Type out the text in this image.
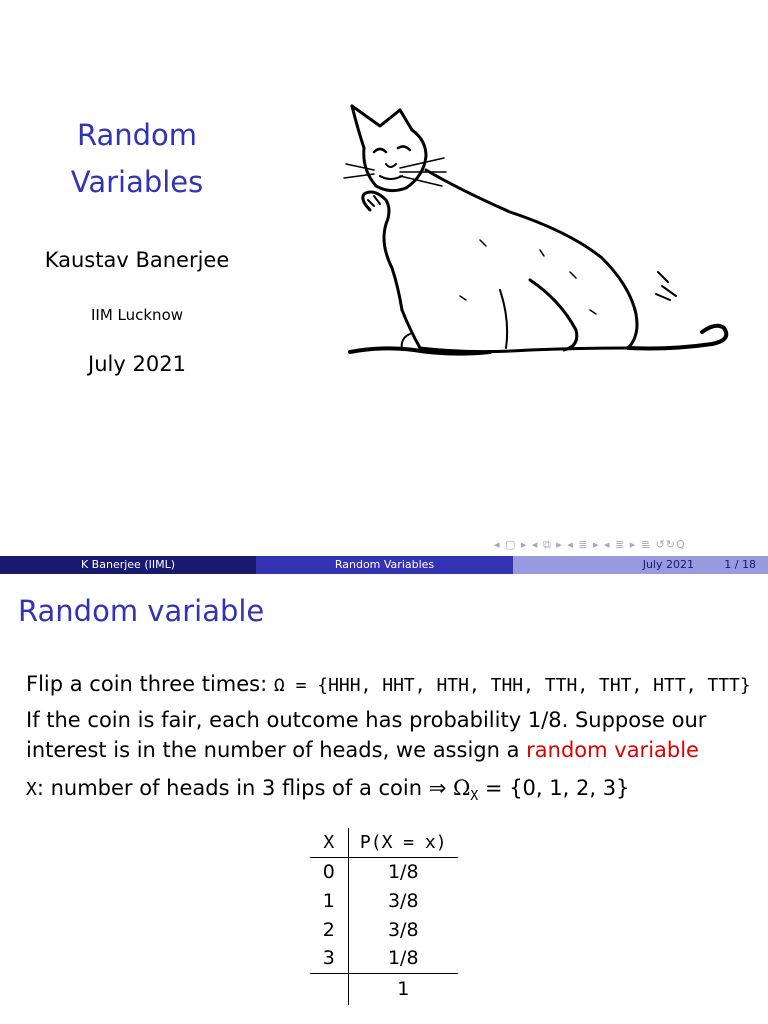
Random
Variables
Kaustav Banerjee
IIM Lucknow
July 2021
◂ ▢ ▸ ◂ ⧉ ▸ ◂ ≣ ▸ ◂ ≣ ▸ ≣ ↺↻Q
K Banerjee (IIML)	Random Variables	July 2021	1 / 18
Random variable
Flip a coin three times: Ω = {HHH, HHT, HTH, THH, TTH, THT, HTT, TTT}
If the coin is fair, each outcome has probability 1/8. Suppose our
interest is in the number of heads, we assign a random variable
X: number of heads in 3 flips of a coin ⇒ $\Omega_X = \{0$, 1, 2, 3}
X	P(X = x)
0	1/8
1	3/8
2	3/8
3	1/8
	1
